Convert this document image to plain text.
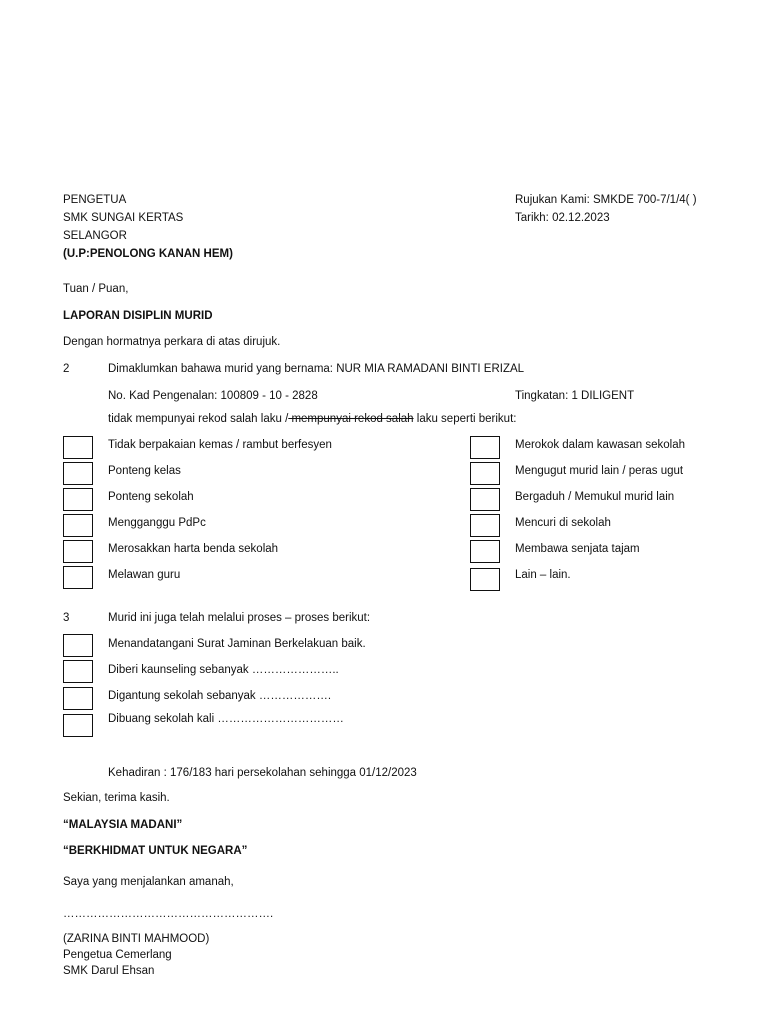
PENGETUA
SMK SUNGAI KERTAS
SELANGOR
(U.P:PENOLONG KANAN HEM)
Rujukan Kami: SMKDE 700-7/1/4( )
Tarikh: 02.12.2023
Tuan / Puan,
LAPORAN DISIPLIN MURID
Dengan hormatnya perkara di atas dirujuk.
2	Dimaklumkan bahawa murid yang bernama: NUR MIA RAMADANI BINTI ERIZAL
No. Kad Pengenalan: 100809 - 10 - 2828	Tingkatan: 1 DILIGENT
tidak mempunyai rekod salah laku / mempunyai rekod salah laku seperti berikut:
Tidak berpakaian kemas / rambut berfesyen
Ponteng kelas
Ponteng sekolah
Mengganggu PdPc
Merosakkan harta benda sekolah
Melawan guru
Merokok dalam kawasan sekolah
Mengugut murid lain / peras ugut
Bergaduh / Memukul murid lain
Mencuri di sekolah
Membawa senjata tajam
Lain – lain.
3	Murid ini juga telah melalui proses – proses berikut:
Menandatangani Surat Jaminan Berkelakuan baik.
Diberi kaunseling sebanyak …………………..
Digantung sekolah sebanyak ……………….
Dibuang sekolah kali ……………………………
Kehadiran : 176/183 hari persekolahan sehingga 01/12/2023
Sekian, terima kasih.
“MALAYSIA MADANI”
“BERKHIDMAT UNTUK NEGARA”
Saya yang menjalankan amanah,
……………………………………………….
(ZARINA BINTI MAHMOOD)
Pengetua Cemerlang
SMK Darul Ehsan
